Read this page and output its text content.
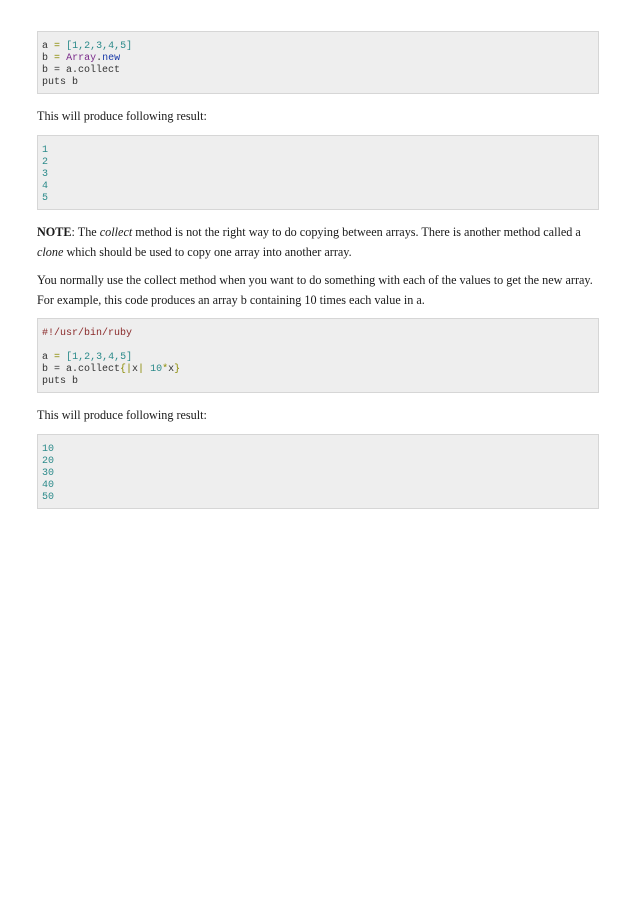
a = [1,2,3,4,5]
b = Array.new
b = a.collect
puts b

This will produce following result:

1
2
3
4
5

NOTE: The collect method is not the right way to do copying between arrays. There is another method called a clone which should be used to copy one array into another array.

You normally use the collect method when you want to do something with each of the values to get the new array. For example, this code produces an array b containing 10 times each value in a.

#!/usr/bin/ruby

a = [1,2,3,4,5]
b = a.collect{|x| 10*x}
puts b

This will produce following result:

10
20
30
40
50
